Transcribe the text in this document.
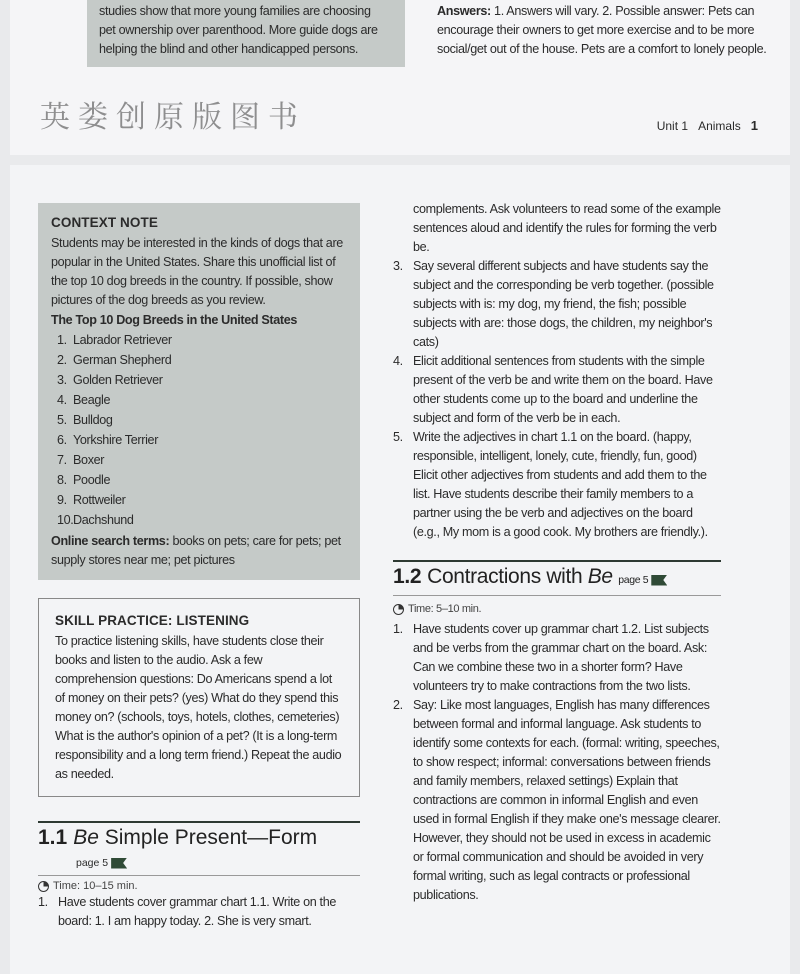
studies show that more young families are choosing
pet ownership over parenthood. More guide dogs are
helping the blind and other handicapped persons.
Answers: 1. Answers will vary. 2. Possible answer: Pets can encourage their owners to get more exercise and to be more social/get out of the house. Pets are a comfort to lonely people.
Unit 1 Animals 1
英娄创原版图书
CONTEXT NOTE

Students may be interested in the kinds of dogs that are popular in the United States. Share this unofficial list of the top 10 dog breeds in the country. If possible, show pictures of the dog breeds as you review.

The Top 10 Dog Breeds in the United States
1. Labrador Retriever
2. German Shepherd
3. Golden Retriever
4. Beagle
5. Bulldog
6. Yorkshire Terrier
7. Boxer
8. Poodle
9. Rottweiler
10.Dachshund

Online search terms: books on pets; care for pets; pet supply stores near me; pet pictures

SKILL PRACTICE: LISTENING

To practice listening skills, have students close their books and listen to the audio. Ask a few comprehension questions: Do Americans spend a lot of money on their pets? (yes) What do they spend this money on? (schools, toys, hotels, clothes, cemeteries) What is the author's opinion of a pet? (It is a long-term responsibility and a long term friend.) Repeat the audio as needed.

1.1 Be Simple Present—Form
page 5
Time: 10–15 min.
1. Have students cover grammar chart 1.1. Write on the board: 1. I am happy today. 2. She is very smart.

complements. Ask volunteers to read some of the example sentences aloud and identify the rules for forming the verb be.

3. Say several different subjects and have students say the subject and the corresponding be verb together. (possible subjects with is: my dog, my friend, the fish; possible subjects with are: those dogs, the children, my neighbor's cats)
4. Elicit additional sentences from students with the simple present of the verb be and write them on the board. Have other students come up to the board and underline the subject and form of the verb be in each.
5. Write the adjectives in chart 1.1 on the board. (happy, responsible, intelligent, lonely, cute, friendly, fun, good) Elicit other adjectives from students and add them to the list. Have students describe their family members to a partner using the be verb and adjectives on the board (e.g., My mom is a good cook. My brothers are friendly.).
1.2 Contractions with Be page 5
Time: 5–10 min.
1. Have students cover up grammar chart 1.2. List subjects and be verbs from the grammar chart on the board. Ask: Can we combine these two in a shorter form? Have volunteers try to make contractions from the two lists.
2. Say: Like most languages, English has many differences between formal and informal language. Ask students to identify some contexts for each. (formal: writing, speeches, to show respect; informal: conversations between friends and family members, relaxed settings) Explain that contractions are common in informal English and even used in formal English if they make one's message clearer. However, they should not be used in excess in academic or formal communication and should be avoided in very formal writing, such as legal contracts or professional publications.
